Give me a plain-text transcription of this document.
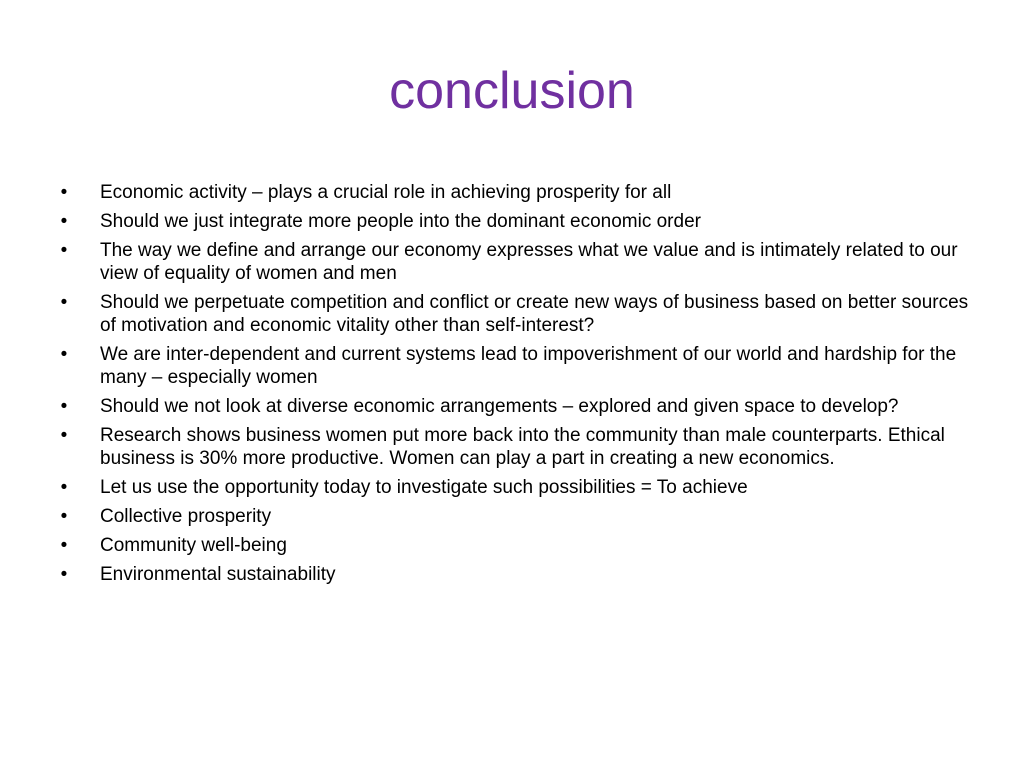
conclusion
• Economic activity – plays a crucial role in achieving prosperity for all
• Should we just integrate more people into the dominant economic order
• The way we define and arrange our economy expresses what we value and is intimately related to our view of equality of women and men
• Should we perpetuate competition and conflict or create new ways of business based on better sources of motivation and economic vitality other than self-interest?
• We are inter-dependent and current systems lead to impoverishment of our world and hardship for the many – especially women
• Should we not look at diverse economic arrangements – explored and given space to develop?
• Research shows business women put more back into the community than male counterparts. Ethical business is 30% more productive. Women can play a part in creating a new economics.
• Let us use the opportunity today to investigate such possibilities = To achieve
• Collective prosperity
• Community well-being
• Environmental sustainability
